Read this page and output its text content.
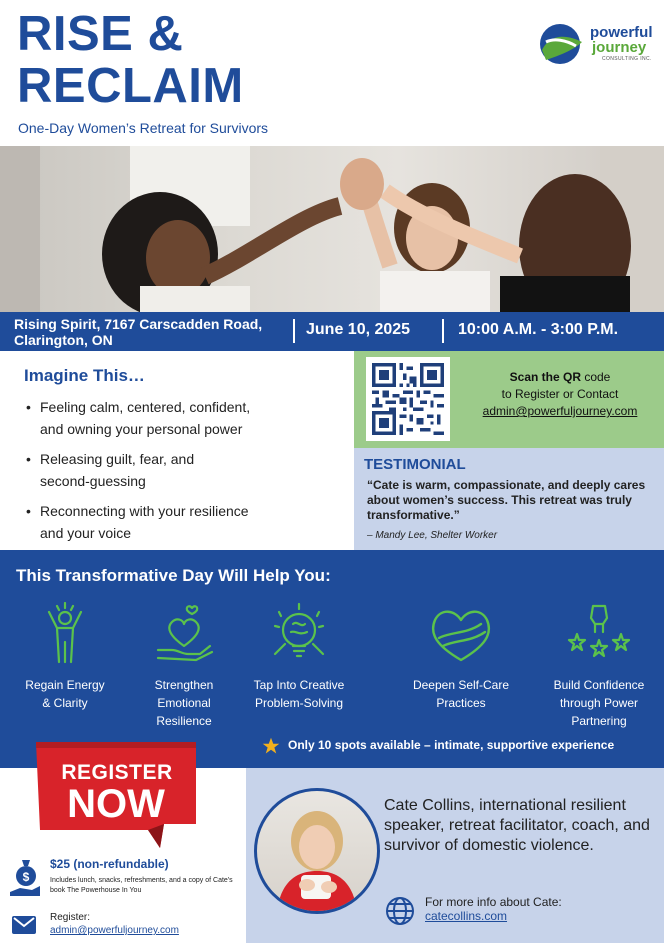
RISE &
RECLAIM
One-Day Women’s Retreat for Survivors
powerful
journey
CONSULTING INC.
Rising Spirit, 7167 Carscadden Road,
Clarington, ON
June 10, 2025	10:00 A.M. - 3:00 P.M.
Imagine This…
• Feeling calm, centered, confident,
and owning your personal power
• Releasing guilt, fear, and
second-guessing
• Reconnecting with your resilience
and your voice
Scan the QR code
to Register or Contact
admin@powerfuljourney.com
TESTIMONIAL
“Cate is warm, compassionate, and deeply cares about women’s success. This retreat was truly transformative.”
– Mandy Lee, Shelter Worker
This Transformative Day Will Help You:
Regain Energy
& Clarity
Strengthen
Emotional
Resilience
Tap Into Creative
Problem-Solving
Deepen Self-Care
Practices
Build Confidence
through Power
Partnering
Only 10 spots available – intimate, supportive experience
REGISTER
NOW
$
$25 (non-refundable)
Includes lunch, snacks, refreshments, and a copy of Cate's book The Powerhouse In You
Register:
admin@powerfuljourney.com
Cate Collins, international resilient speaker, retreat facilitator, coach, and survivor of domestic violence.
For more info about Cate:
catecollins.com
